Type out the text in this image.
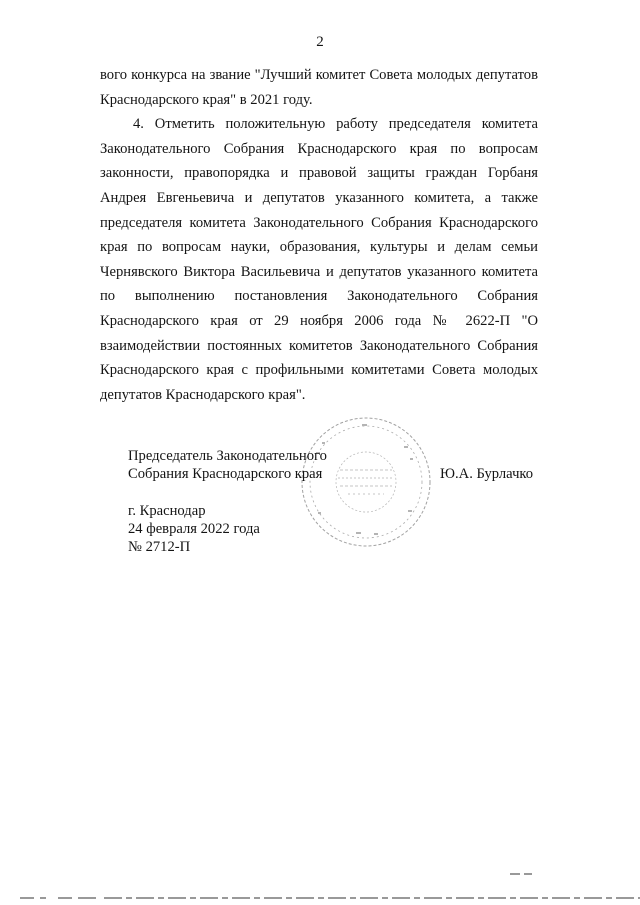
2

вого конкурса на звание "Лучший комитет Совета молодых депутатов Краснодарского края" в 2021 году.

4. Отметить положительную работу председателя комитета Законодательного Собрания Краснодарского края по вопросам законности, правопорядка и правовой защиты граждан Горбаня Андрея Евгеньевича и депутатов указанного комитета, а также председателя комитета Законодательного Собрания Краснодарского края по вопросам науки, образования, культуры и делам семьи Чернявского Виктора Васильевича и депутатов указанного комитета по выполнению постановления Законодательного Собрания Краснодарского края от 29 ноября 2006 года № 2622-П "О взаимодействии постоянных комитетов Законодательного Собрания Краснодарского края с профильными комитетами Совета молодых депутатов Краснодарского края".

Председатель Законодательного
Собрания Краснодарского края	Ю.А. Бурлачко
г. Краснодар
24 февраля 2022 года
№ 2712-П
